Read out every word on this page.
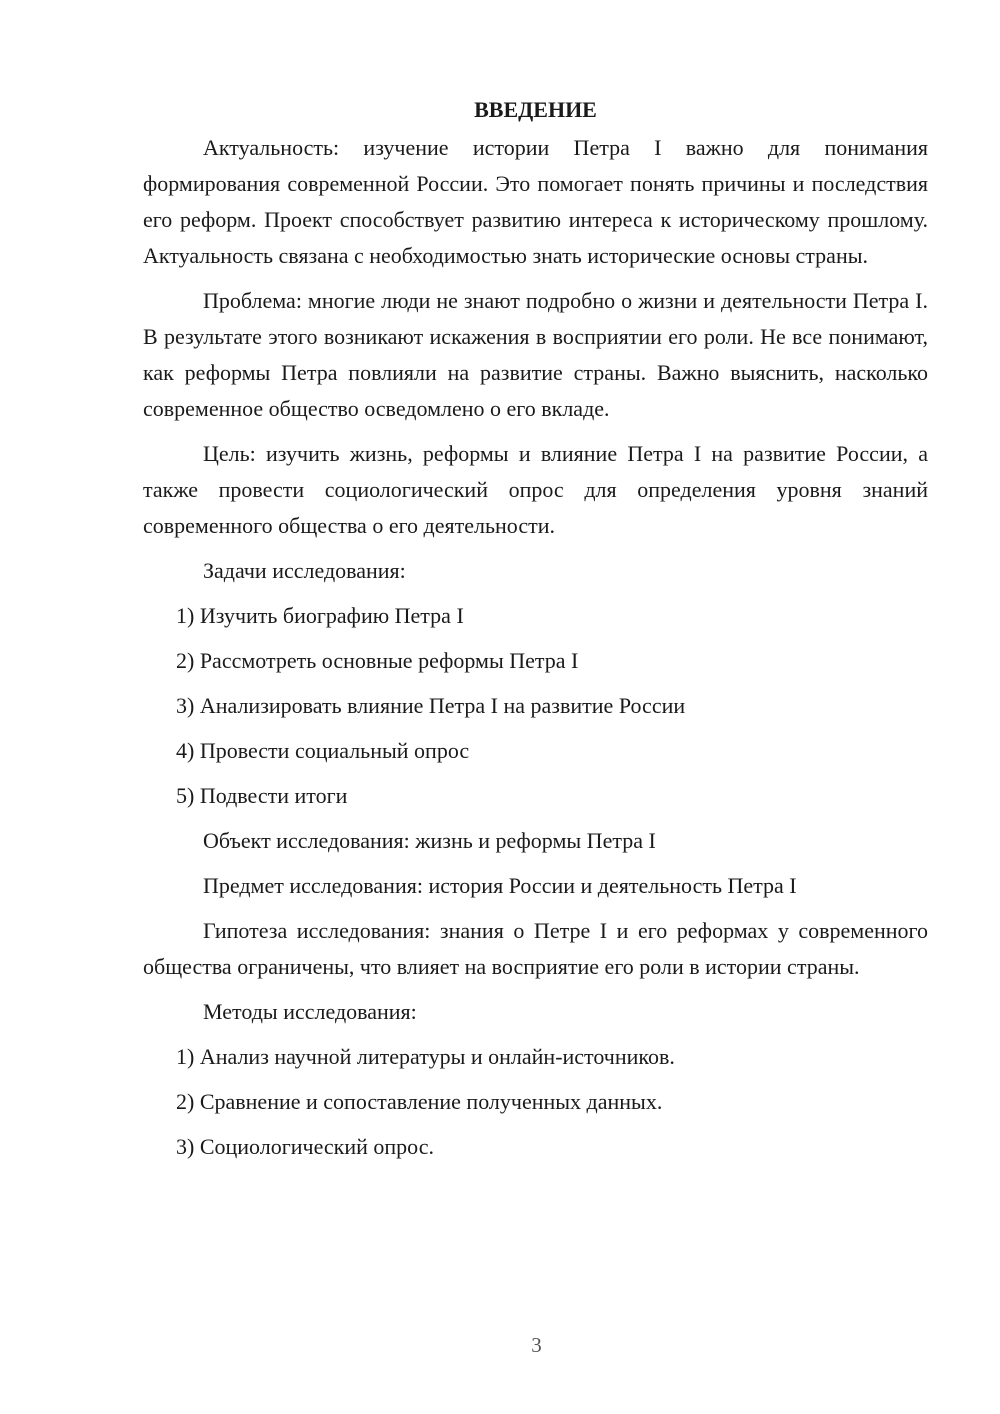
ВВЕДЕНИЕ

Актуальность: изучение истории Петра I важно для понимания формирования современной России. Это помогает понять причины и последствия его реформ. Проект способствует развитию интереса к историческому прошлому. Актуальность связана с необходимостью знать исторические основы страны.

Проблема: многие люди не знают подробно о жизни и деятельности Петра I. В результате этого возникают искажения в восприятии его роли. Не все понимают, как реформы Петра повлияли на развитие страны. Важно выяснить, насколько современное общество осведомлено о его вкладе.

Цель: изучить жизнь, реформы и влияние Петра I на развитие России, а также провести социологический опрос для определения уровня знаний современного общества о его деятельности.

Задачи исследования:
1) Изучить биографию Петра I
2) Рассмотреть основные реформы Петра I
3) Анализировать влияние Петра I на развитие России
4) Провести социальный опрос
5) Подвести итоги
Объект исследования: жизнь и реформы Петра I
Предмет исследования: история России и деятельность Петра I

Гипотеза исследования: знания о Петре I и его реформах у современного общества ограничены, что влияет на восприятие его роли в истории страны.

Методы исследования:
1) Анализ научной литературы и онлайн-источников.
2) Сравнение и сопоставление полученных данных.
3) Социологический опрос.
3
